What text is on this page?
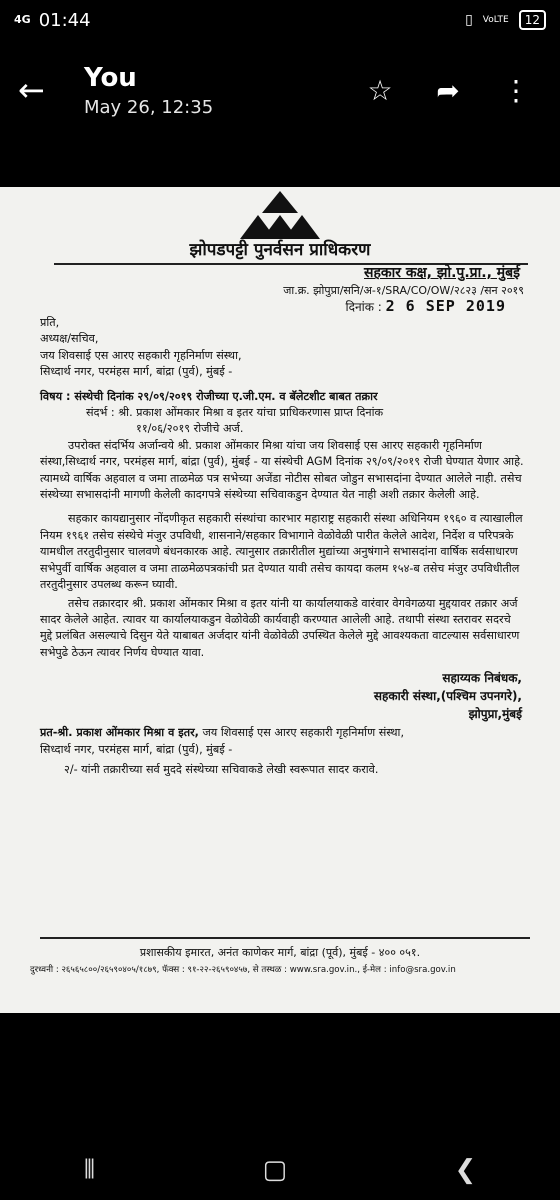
4G 01:44	▯ VoLTE	12
←	You
May 26, 12:35
☆ ➦ ⋮
झोपडपट्टी पुनर्वसन प्राधिकरण
सहकार कक्ष, झो.पु.प्रा., मुंबई
जा.क्र. झोपुप्रा/सनि/अ-१/SRA/CO/OW/२८२३ /सन २०१९
दिनांक : 2 6 SEP 2019

प्रति,

अध्यक्ष/सचिव,

जय शिवसाई एस आरए सहकारी गृहनिर्माण संस्था,

सिध्दार्थ नगर, परमंहस मार्ग, बांद्रा (पुर्व), मुंबई -

विषय : संस्थेची दिनांक २९/०९/२०१९ रोजीच्या ए.जी.एम. व बॅलेटशीट बाबत तक्रार

संदर्भ : श्री. प्रकाश ओंमकार मिश्रा व इतर यांचा प्राधिकरणास प्राप्त दिनांक

११/०६/२०१९ रोजीचे अर्ज.

उपरोक्त संदर्भिय अर्जान्वये श्री. प्रकाश ओंमकार मिश्रा यांचा जय शिवसाई एस आरए सहकारी गृहनिर्माण संस्था,सिध्दार्थ नगर, परमंहस मार्ग, बांद्रा (पुर्व), मुंबई - या संस्थेची AGM दिनांक २९/०९/२०१९ रोजी घेण्यात येणार आहे. त्यामध्ये वार्षिक अहवाल व जमा ताळमेळ पत्र सभेच्या अजेंडा नोटीस सोबत जोडुन सभासदांना देण्यात आलेले नाही. तसेच संस्थेच्या सभासदांनी मागणी केलेली कादगपत्रे संस्थेच्या सचिवाकडुन देण्यात येत नाही अशी तक्रार केलेली आहे.

सहकार कायद्यानुसार नोंदणीकृत सहकारी संस्थांचा कारभार महाराष्ट्र सहकारी संस्था अधिनियम १९६० व त्याखालील नियम १९६१ तसेच संस्थेचे मंजुर उपविधी, शासनाने/सहकार विभागाने वेळोवेळी पारीत केलेले आदेश, निर्देश व परिपत्रके यामधील तरतुदीनुसार चालवणे बंधनकारक आहे. त्यानुसार तक्रारीतील मुद्यांच्या अनुषंगाने सभासदांना वार्षिक सर्वसाधारण सभेपुर्वी वार्षिक अहवाल व जमा ताळमेळपत्रकांची प्रत देण्यात यावी तसेच कायदा कलम १५४-ब तसेच मंजुर उपविधीतील तरतुदीनुसार उपलब्ध करून घ्यावी.

तसेच तक्रारदार श्री. प्रकाश ओंमकार मिश्रा व इतर यांनी या कार्यालयाकडे वारंवार वेगवेगळया मुद्दयावर तक्रार अर्ज सादर केलेले आहेत. त्यावर या कार्यालयाकडुन वेळोवेळी कार्यवाही करण्यात आलेली आहे. तथापी संस्था स्तरावर सदरचे मुद्दे प्रलंबित असल्याचे दिसुन येते याबाबत अर्जदार यांनी वेळोवेळी उपस्थित केलेले मुद्दे आवश्यकता वाटल्यास सर्वसाधारण सभेपुढे ठेऊन त्यावर निर्णय घेण्यात यावा.

सहाय्यक निबंधक,
सहकारी संस्था,(पश्चिम उपनगरे),
झोपुप्रा,मुंबई

प्रत-श्री. प्रकाश ओंमकार मिश्रा व इतर, जय शिवसाई एस आरए सहकारी गृहनिर्माण संस्था,

सिध्दार्थ नगर, परमंहस मार्ग, बांद्रा (पुर्व), मुंबई -

२/- यांनी तक्रारीच्या सर्व मुददे संस्थेच्या सचिवाकडे लेखी स्वरूपात सादर करावे.

प्रशासकीय इमारत, अनंत काणेकर मार्ग, बांद्रा (पूर्व), मुंबई - ४०० ०५१.
दुरध्वनी : २६५६५८००/२६५९०४०५/१८७९, फॅक्स : ९१-२२-२६५९०४५७, से तस्थळ : www.sra.gov.in., ई-मेल : info@sra.gov.in
⦀	▢	❮
